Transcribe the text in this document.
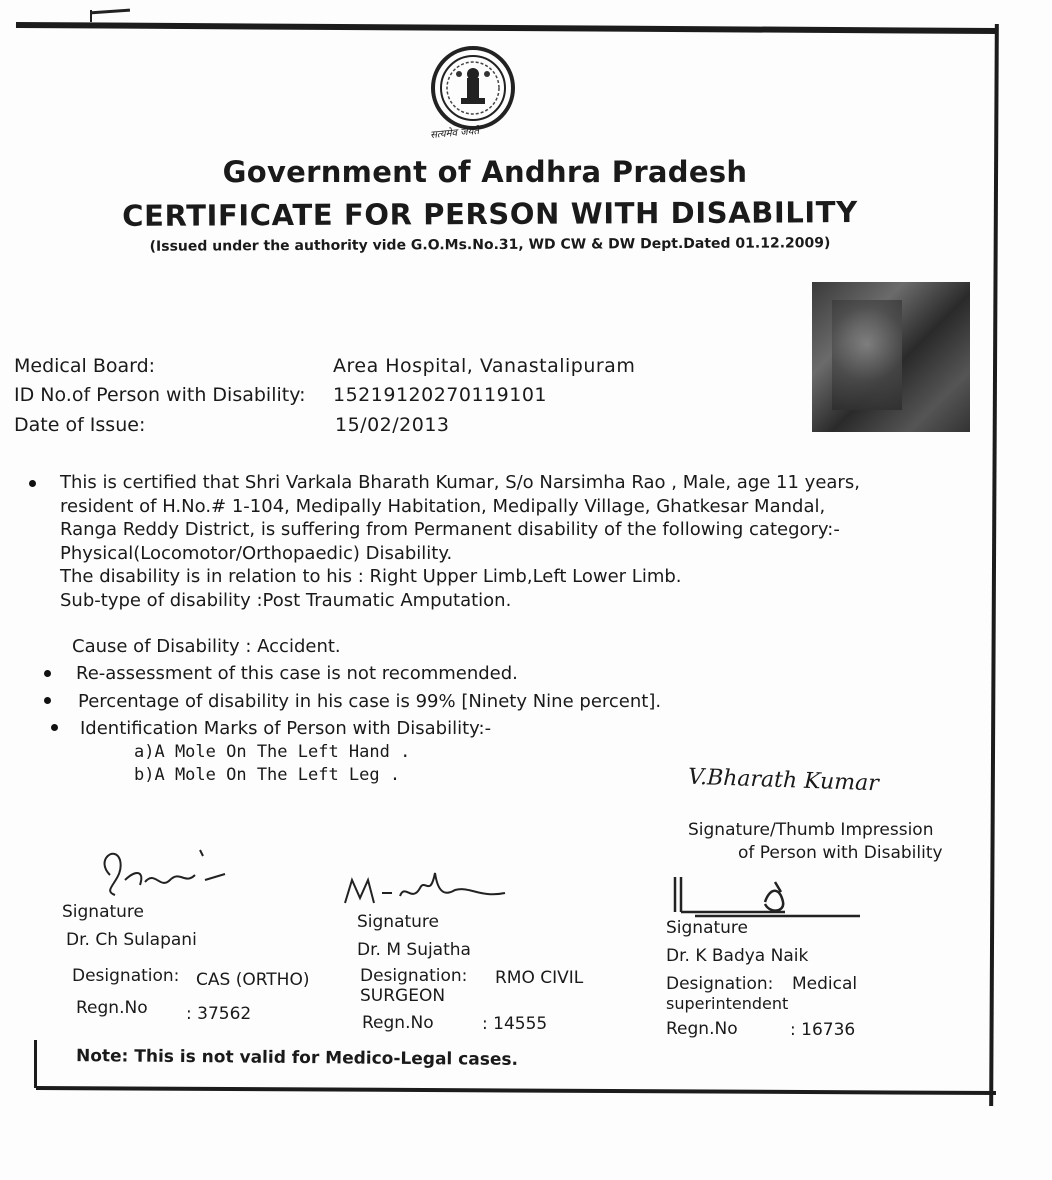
सत्यमेव जयते
Government of Andhra Pradesh
CERTIFICATE FOR PERSON WITH DISABILITY
(Issued under the authority vide G.O.Ms.No.31, WD CW & DW Dept.Dated 01.12.2009)
Medical Board:	Area Hospital, Vanastalipuram
ID No.of Person with Disability: 15219120270119101
Date of Issue:	15/02/2013
This is certified that Shri Varkala Bharath Kumar, S/o Narsimha Rao , Male, age 11 years,
resident of H.No.# 1-104, Medipally Habitation, Medipally Village, Ghatkesar Mandal,
Ranga Reddy District, is suffering from Permanent disability of the following category:-
Physical(Locomotor/Orthopaedic) Disability.
The disability is in relation to his : Right Upper Limb,Left Lower Limb.
Sub-type of disability :Post Traumatic Amputation.
Cause of Disability : Accident.
Re-assessment of this case is not recommended.
Percentage of disability in his case is 99% [Ninety Nine percent].
Identification Marks of Person with Disability:-
a)A Mole On The Left Hand .
b)A Mole On The Left Leg .	V.Bharath Kumar
Signature/Thumb Impression
of Person with Disability
Signature
Dr. Ch Sulapani
Designation: CAS (ORTHO)
Regn.No : 37562
Signature
Dr. M Sujatha
Designation: RMO CIVIL
SURGEON
Regn.No	: 14555
Signature
Dr. K Badya Naik
Designation: Medical
superintendent
Regn.No	: 16736
Note: This is not valid for Medico-Legal cases.
